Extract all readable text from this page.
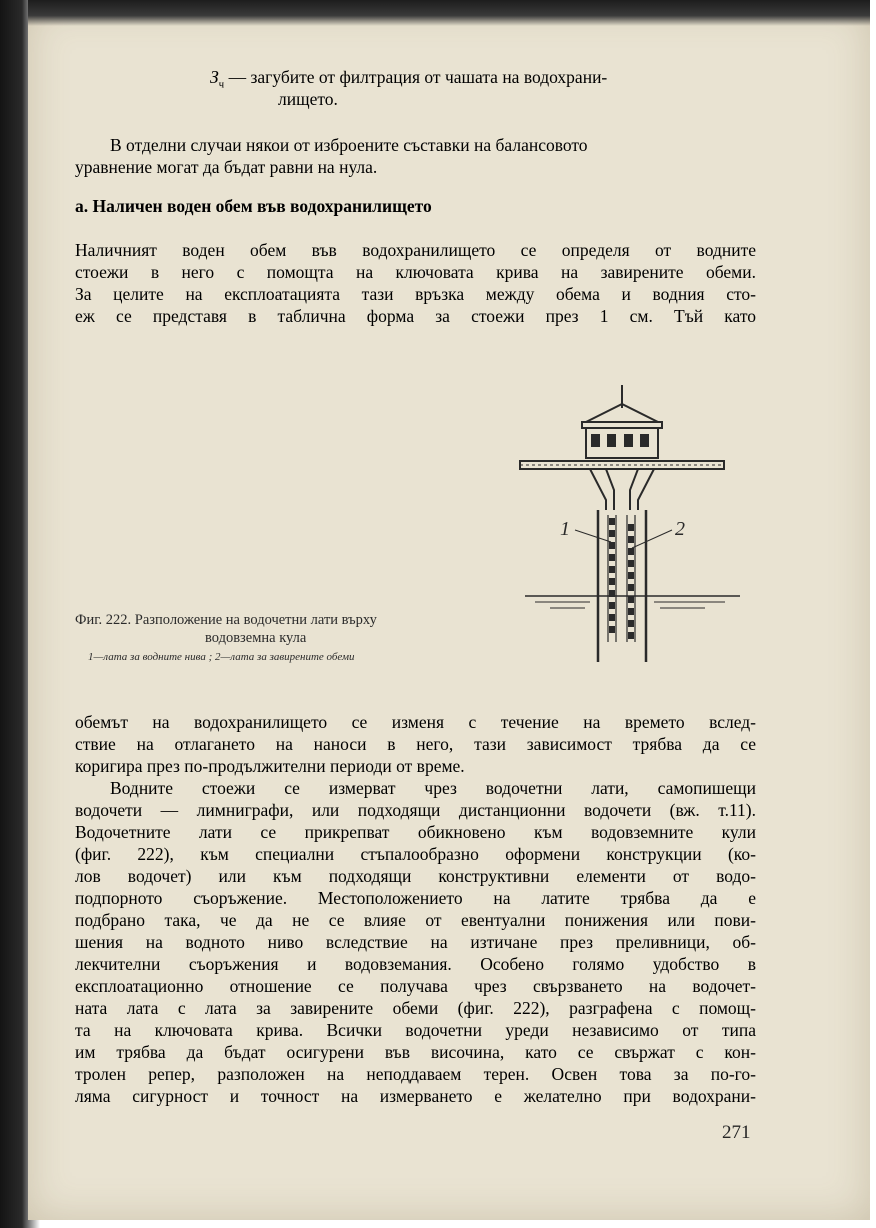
$З_ч$ — загубите от филтрация от чашата на водохрани-
лището.
В отделни случаи някои от изброените съставки на балансовото
уравнение могат да бъдат равни на нула.
а. Наличен воден обем във водохранилището
Наличният воден обем във водохранилището се определя от водните
стоежи в него с помощта на ключовата крива на завирените обеми.
За целите на експлоатацията тази връзка между обема и водния сто-
еж се представя в таблична форма за стоежи през 1 см. Тъй като
1	2
Фиг. 222. Разположение на водочетни лати върху
водовземна кула
1—лата за водните нива ; 2—лата за завирените обеми
обемът на водохранилището се изменя с течение на времето вслед-
ствие на отлагането на наноси в него, тази зависимост трябва да се
коригира през по-продължителни периоди от време.
Водните стоежи се измерват чрез водочетни лати, самопишещи
водочети — лимниграфи, или подходящи дистанционни водочети (вж. т.11).
Водочетните лати се прикрепват обикновено към водовземните кули
(фиг. 222), към специални стъпалообразно оформени конструкции (ко-
лов водочет) или към подходящи конструктивни елементи от водо-
подпорното съоръжение. Местоположението на латите трябва да е
подбрано така, че да не се влияе от евентуални понижения или пови-
шения на водното ниво вследствие на изтичане през преливници, об-
лекчителни съоръжения и водовземания. Особено голямо удобство в
експлоатационно отношение се получава чрез свързването на водочет-
ната лата с лата за завирените обеми (фиг. 222), разграфена с помощ-
та на ключовата крива. Всички водочетни уреди независимо от типа
им трябва да бъдат осигурени във височина, като се свържат с кон-
тролен репер, разположен на неподдаваем терен. Освен това за по-го-
ляма сигурност и точност на измерването е желателно при водохрани-
271
